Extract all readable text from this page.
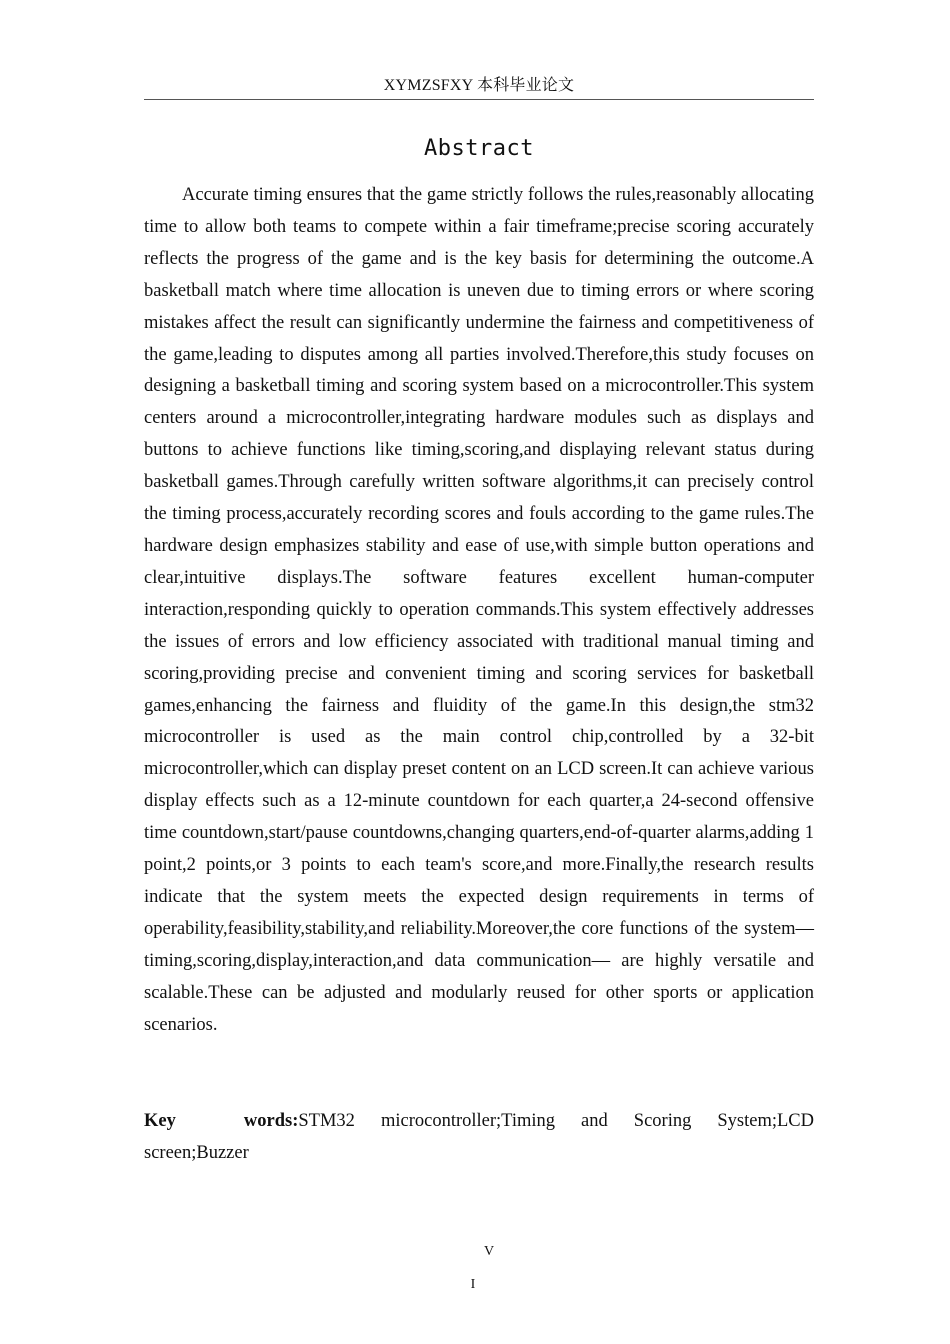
XYMZSFXY 本科毕业论文
Abstract

Accurate timing ensures that the game strictly follows the rules,reasonably allocating time to allow both teams to compete within a fair timeframe;precise scoring accurately reflects the progress of the game and is the key basis for determining the outcome.A basketball match where time allocation is uneven due to timing errors or where scoring mistakes affect the result can significantly undermine the fairness and competitiveness of the game,leading to disputes among all parties involved.Therefore,this study focuses on designing a basketball timing and scoring system based on a microcontroller.This system centers around a microcontroller,integrating hardware modules such as displays and buttons to achieve functions like timing,scoring,and displaying relevant status during basketball games.Through carefully written software algorithms,it can precisely control the timing process,accurately recording scores and fouls according to the game rules.The hardware design emphasizes stability and ease of use,with simple button operations and clear,intuitive displays.The software features excellent human-computer interaction,responding quickly to operation commands.This system effectively addresses the issues of errors and low efficiency associated with traditional manual timing and scoring,providing precise and convenient timing and scoring services for basketball games,enhancing the fairness and fluidity of the game.In this design,the stm32 microcontroller is used as the main control chip,controlled by a 32-bit microcontroller,which can display preset content on an LCD screen.It can achieve various display effects such as a 12-minute countdown for each quarter,a 24-second offensive time countdown,start/pause countdowns,changing quarters,end-of-quarter alarms,adding 1 point,2 points,or 3 points to each team's score,and more.Finally,the research results indicate that the system meets the expected design requirements in terms of operability,feasibility,stability,and reliability.Moreover,the core functions of the system— timing,scoring,display,interaction,and data communication— are highly versatile and scalable.These can be adjusted and modularly reused for other sports or application scenarios.

Key words:STM32 microcontroller;Timing and Scoring System;LCD screen;Buzzer

V
I
